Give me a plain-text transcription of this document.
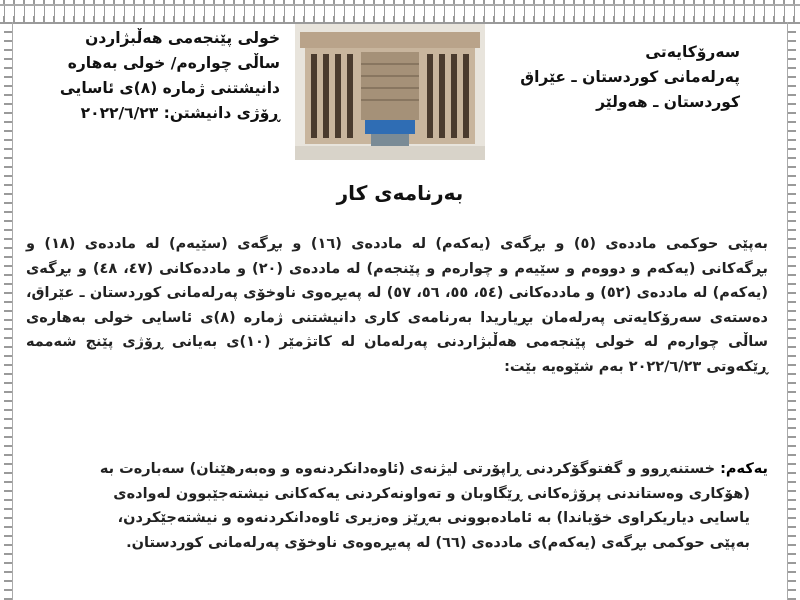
خولی پێنجەمی هەڵبژاردن
ساڵی چوارەم/ خولی بەهارە
دانیشتنی ژمارە (٨)ی ئاسایی
ڕۆژی دانیشتن: ٢٠٢٢/٦/٢٣
سەرۆکایەتی
پەرلەمانی کوردستان ـ عێراق
کوردستان ـ هەولێر
بەرنامەی کار
بەپێی حوکمی ماددەی (٥) و بڕگەی (یەکەم) لە ماددەی (١٦) و بڕگەی (سێیەم) لە ماددەی (١٨) و بڕگەکانی (یەکەم و دووەم و سێیەم و چوارەم و پێنجەم) لە ماددەی (٢٠) و ماددەکانی (٤٧، ٤٨) و بڕگەی (یەکەم) لە ماددەی (٥٢) و ماددەکانی (٥٤، ٥٥، ٥٦، ٥٧) لە پەیڕەوی ناوخۆی پەرلەمانی کوردستان ـ عێراق، دەستەی سەرۆکایەتی پەرلەمان بڕیاریدا بەرنامەی کاری دانیشتنی ژمارە (٨)ی ئاسایی خولی بەهارەی ساڵی چوارەم لە خولی پێنجەمی هەڵبژاردنی پەرلەمان لە کاتژمێر (١٠)ی بەیانی ڕۆژی پێنج شەممە ڕێکەوتی ٢٠٢٢/٦/٢٣ بەم شێوەیە بێت:
یەکەم: خستنەڕوو و گفتوگۆکردنی ڕاپۆرتی لیژنەی (ئاوەدانکردنەوە و وەبەرهێنان) سەبارەت بە
(هۆکاری وەستاندنی پرۆژەکانی ڕێگاوبان و تەواونەکردنی یەکەکانی نیشتەجێبوون لەوادەی
یاسایی دیاریکراوی خۆیاندا) بە ئامادەبوونی بەڕێز وەزیری ئاوەدانکردنەوە و نیشتەجێکردن،
بەپێی حوکمی بڕگەی (یەکەم)ی ماددەی (٦٦) لە پەیڕەوەی ناوخۆی پەرلەمانی کوردستان.
